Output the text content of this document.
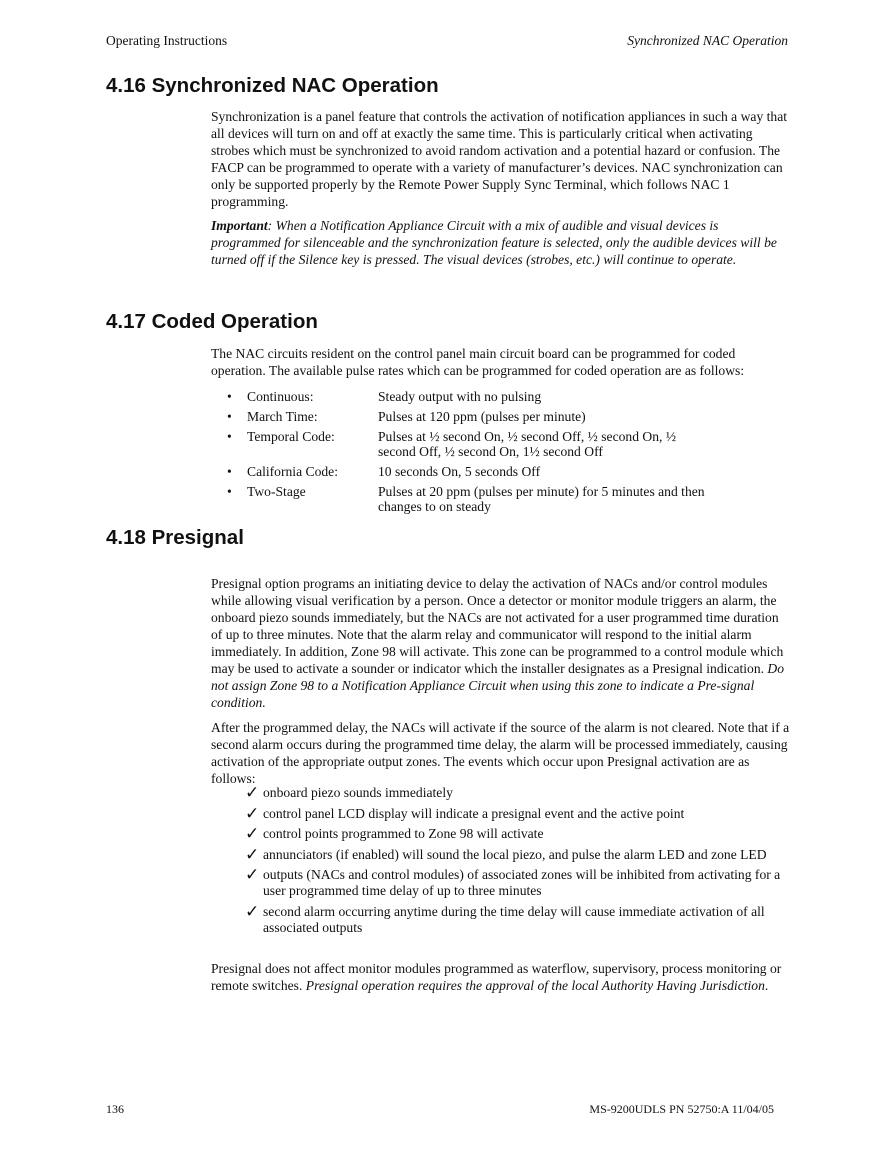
Operating Instructions	Synchronized NAC Operation
4.16 Synchronized NAC Operation

Synchronization is a panel feature that controls the activation of notification appliances in such a way that all devices will turn on and off at exactly the same time. This is particularly critical when activating strobes which must be synchronized to avoid random activation and a potential hazard or confusion. The FACP can be programmed to operate with a variety of manufacturer’s devices. NAC synchronization can only be supported properly by the Remote Power Supply Sync Terminal, which follows NAC 1 programming.

Important: When a Notification Appliance Circuit with a mix of audible and visual devices is programmed for silenceable and the synchronization feature is selected, only the audible devices will be turned off if the Silence key is pressed. The visual devices (strobes, etc.) will continue to operate.

4.17 Coded Operation
The NAC circuits resident on the control panel main circuit board can be programmed for coded operation. The available pulse rates which can be programmed for coded operation are as follows:
•	Continuous:	Steady output with no pulsing
•	March Time:	Pulses at 120 ppm (pulses per minute)
•	Temporal Code:	Pulses at ½ second On, ½ second Off, ½ second On, ½ second Off, ½ second On, 1½ second Off
•	California Code:	10 seconds On, 5 seconds Off
•	Two-Stage	Pulses at 20 ppm (pulses per minute) for 5 minutes and then changes to on steady
4.18 Presignal

Presignal option programs an initiating device to delay the activation of NACs and/or control modules while allowing visual verification by a person. Once a detector or monitor module triggers an alarm, the onboard piezo sounds immediately, but the NACs are not activated for a user programmed time duration of up to three minutes. Note that the alarm relay and communicator will respond to the initial alarm immediately. In addition, Zone 98 will activate. This zone can be programmed to a control module which may be used to activate a sounder or indicator which the installer designates as a Presignal indication. Do not assign Zone 98 to a Notification Appliance Circuit when using this zone to indicate a Pre-signal condition.

After the programmed delay, the NACs will activate if the source of the alarm is not cleared. Note that if a second alarm occurs during the programmed time delay, the alarm will be processed immediately, causing activation of the appropriate output zones. The events which occur upon Presignal activation are as follows:

✓ onboard piezo sounds immediately
✓ control panel LCD display will indicate a presignal event and the active point
✓ control points programmed to Zone 98 will activate
✓ annunciators (if enabled) will sound the local piezo, and pulse the alarm LED and zone LED
✓ outputs (NACs and control modules) of associated zones will be inhibited from activating for a user programmed time delay of up to three minutes
✓ second alarm occurring anytime during the time delay will cause immediate activation of all associated outputs

Presignal does not affect monitor modules programmed as waterflow, supervisory, process monitoring or remote switches. Presignal operation requires the approval of the local Authority Having Jurisdiction.

136	MS-9200UDLS PN 52750:A 11/04/05
